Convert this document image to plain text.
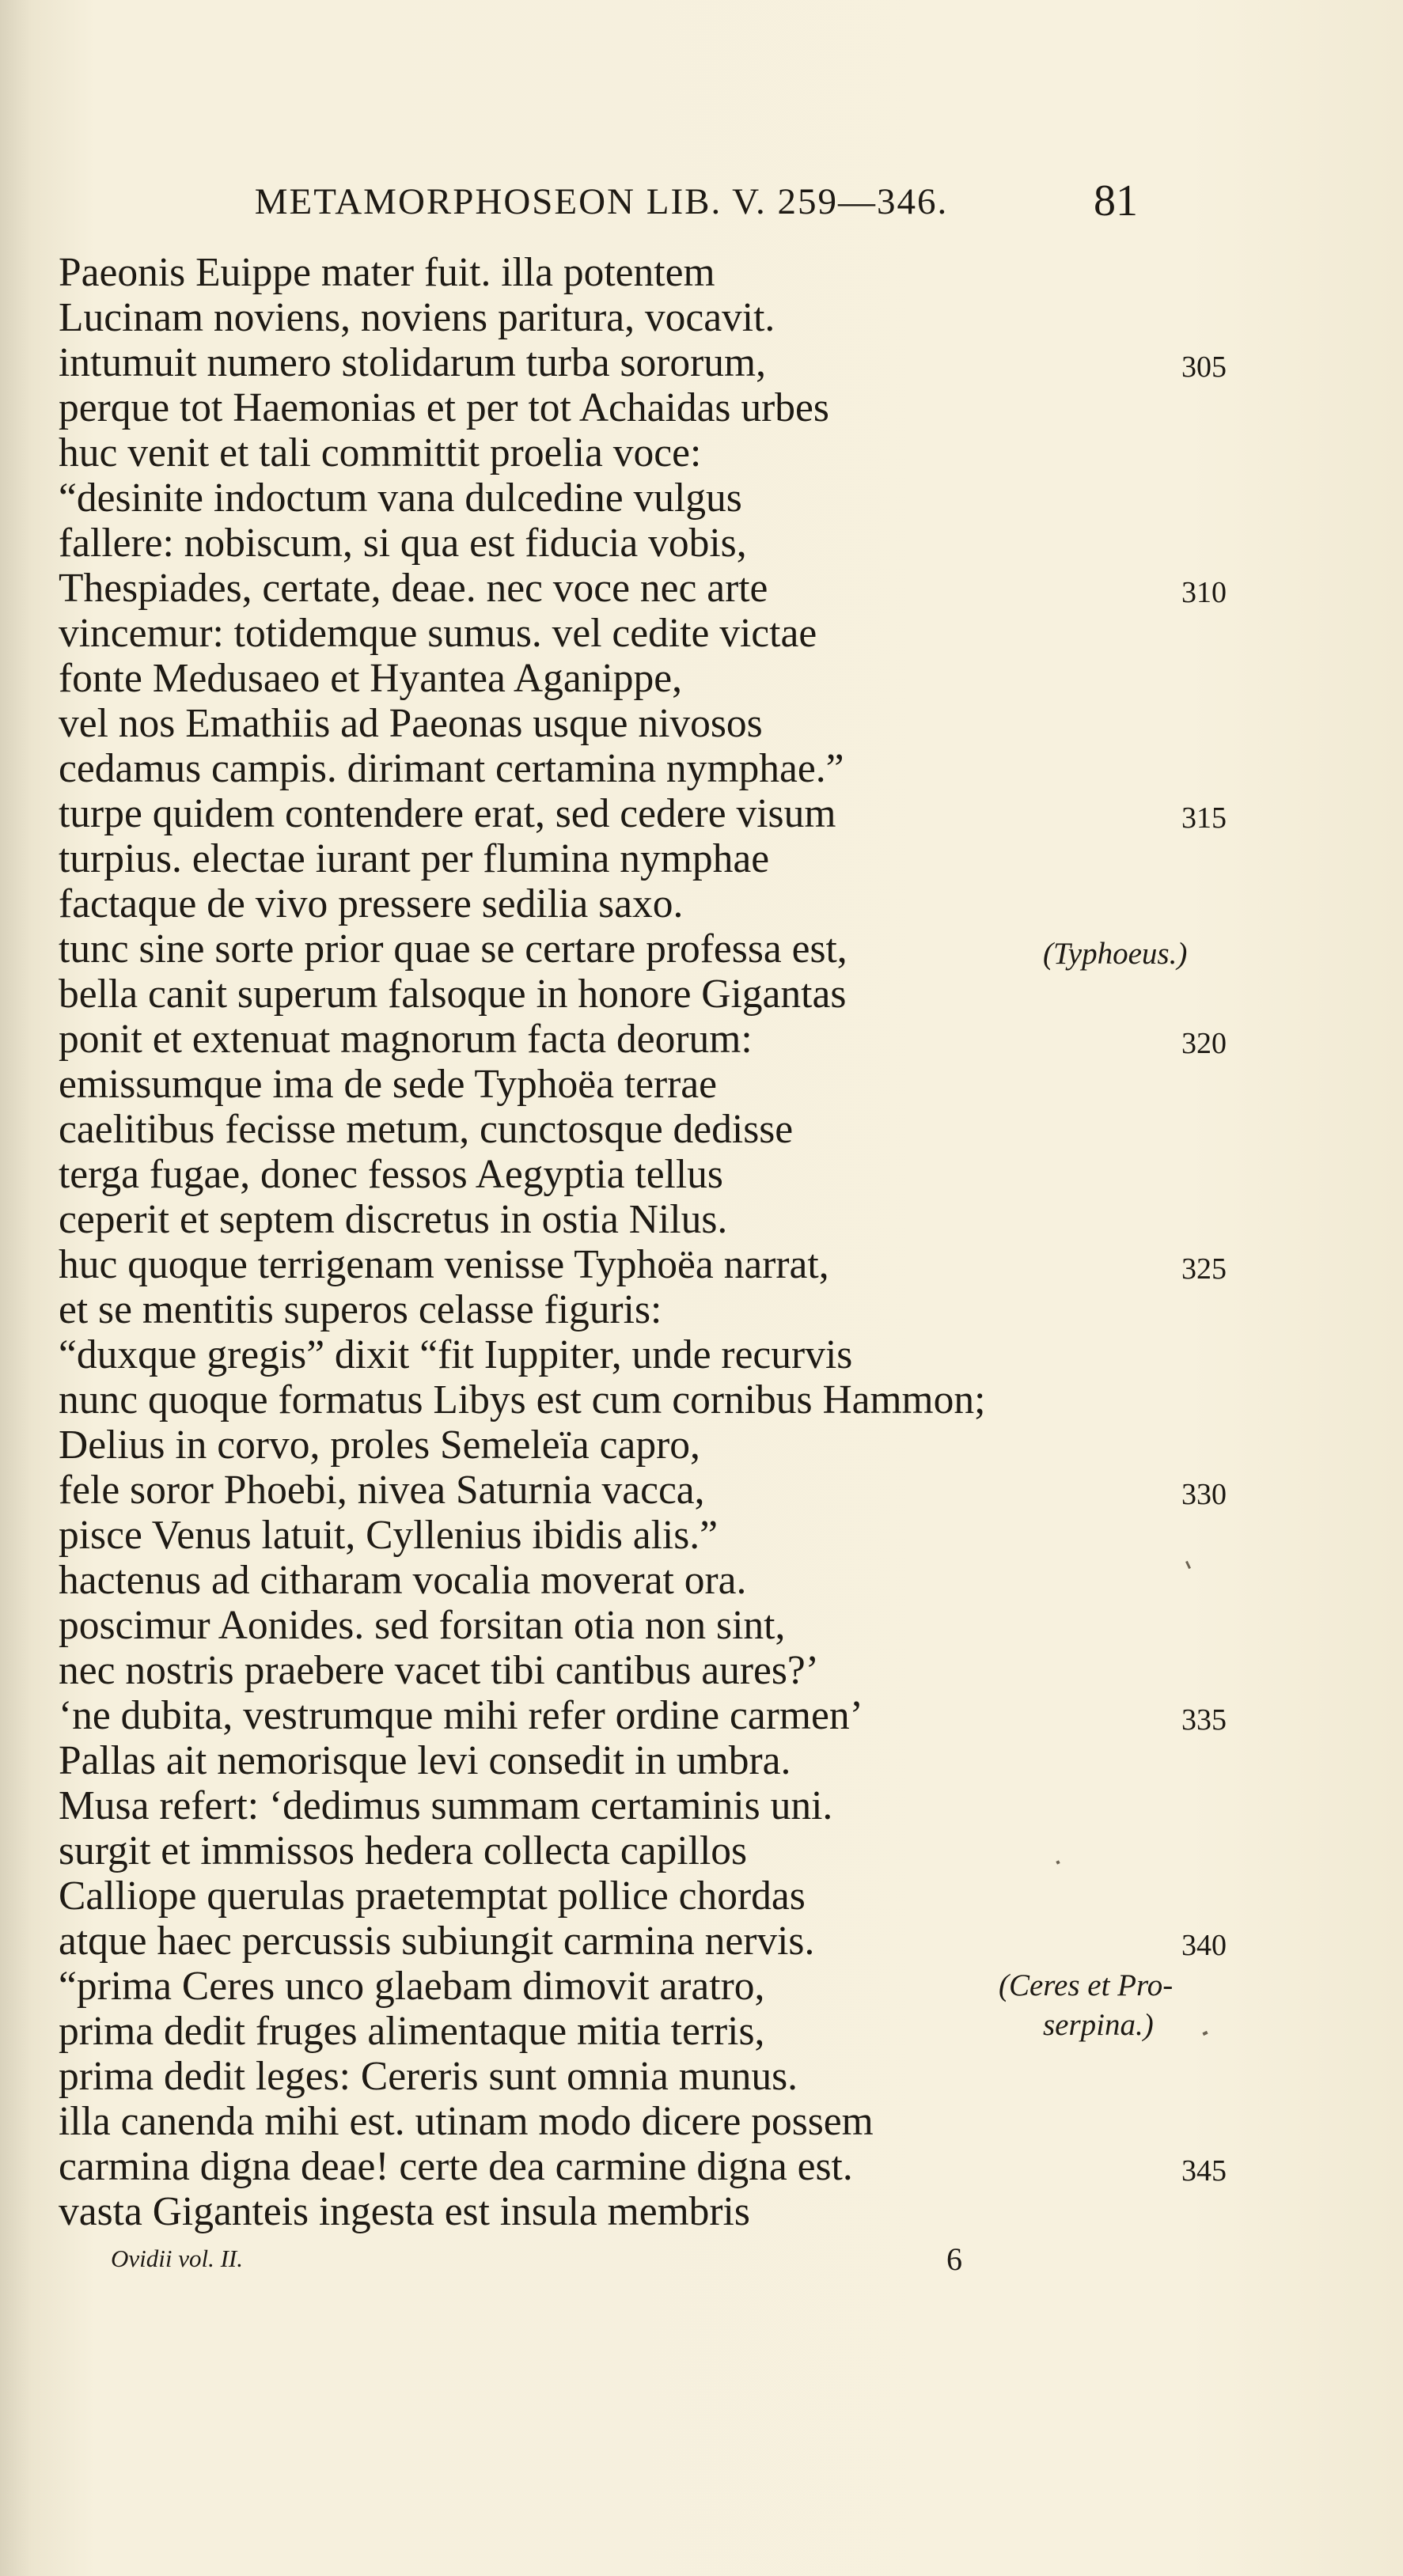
METAMORPHOSEON LIB. V. 259—346.	81
Paeonis Euippe mater fuit. illa potentem
Lucinam noviens, noviens paritura, vocavit.
intumuit numero stolidarum turba sororum,
perque tot Haemonias et per tot Achaidas urbes
huc venit et tali committit proelia voce:
“desinite indoctum vana dulcedine vulgus
fallere: nobiscum, si qua est fiducia vobis,
Thespiades, certate, deae. nec voce nec arte
vincemur: totidemque sumus. vel cedite victae
fonte Medusaeo et Hyantea Aganippe,
vel nos Emathiis ad Paeonas usque nivosos
cedamus campis. dirimant certamina nymphae.”
turpe quidem contendere erat, sed cedere visum
turpius. electae iurant per flumina nymphae
factaque de vivo pressere sedilia saxo.
tunc sine sorte prior quae se certare professa est,
bella canit superum falsoque in honore Gigantas
ponit et extenuat magnorum facta deorum:
emissumque ima de sede Typhoëa terrae
caelitibus fecisse metum, cunctosque dedisse
terga fugae, donec fessos Aegyptia tellus
ceperit et septem discretus in ostia Nilus.
huc quoque terrigenam venisse Typhoëa narrat,
et se mentitis superos celasse figuris:
“duxque gregis” dixit “fit Iuppiter, unde recurvis
nunc quoque formatus Libys est cum cornibus Hammon;
Delius in corvo, proles Semeleïa capro,
fele soror Phoebi, nivea Saturnia vacca,
pisce Venus latuit, Cyllenius ibidis alis.”
hactenus ad citharam vocalia moverat ora.
poscimur Aonides. sed forsitan otia non sint,
nec nostris praebere vacet tibi cantibus aures?’
‘ne dubita, vestrumque mihi refer ordine carmen’
Pallas ait nemorisque levi consedit in umbra.
Musa refert: ‘dedimus summam certaminis uni.
surgit et immissos hedera collecta capillos
Calliope querulas praetemptat pollice chordas
atque haec percussis subiungit carmina nervis.
“prima Ceres unco glaebam dimovit aratro,
prima dedit fruges alimentaque mitia terris,
prima dedit leges: Cereris sunt omnia munus.
illa canenda mihi est. utinam modo dicere possem
carmina digna deae! certe dea carmine digna est.
vasta Giganteis ingesta est insula membris
(Typhoeus.)
(Ceres et Pro-
serpina.)
Ovidii vol. II.	6
305
310
315
320
325
330
335
340
345
